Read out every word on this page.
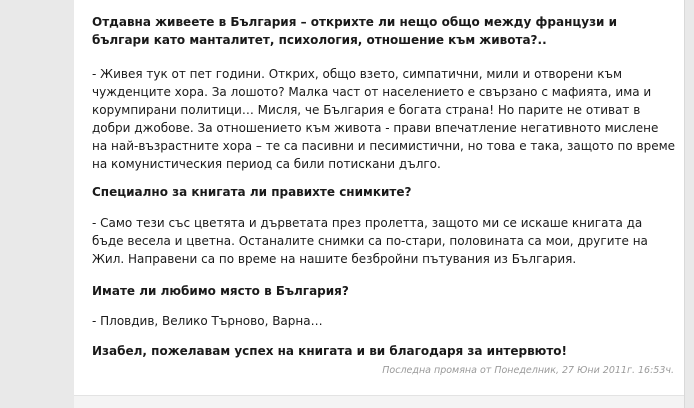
Отдавна живеете в България – открихте ли нещо общо между французи и българи като манталитет, психология, отношение към живота?..

- Живея тук от пет години. Открих, общо взето, симпатични, мили и отворени към чужденците хора. За лошото? Малка част от населението е свързано с мафията, има и корумпирани политици… Мисля, че България е богата страна! Но парите не отиват в добри джобове. За отношението към живота - прави впечатление негативното мислене на най-възрастните хора – те са пасивни и песимистични, но това е така, защото по време на комунистическия период са били потискани дълго.

Специално за книгата ли правихте снимките?

- Само тези със цветята и дърветата през пролетта, защото ми се искаше книгата да бъде весела и цветна. Останалите снимки са по-стари, половината са мои, другите на Жил. Направени са по време на нашите безбройни пътувания из България.

Имате ли любимо място в България?

- Пловдив, Велико Търново, Варна…

Изабел, пожелавам успех на книгата и ви благодаря за интервюто!

Последна промяна от Понеделник, 27 Юни 2011г. 16:53ч.
